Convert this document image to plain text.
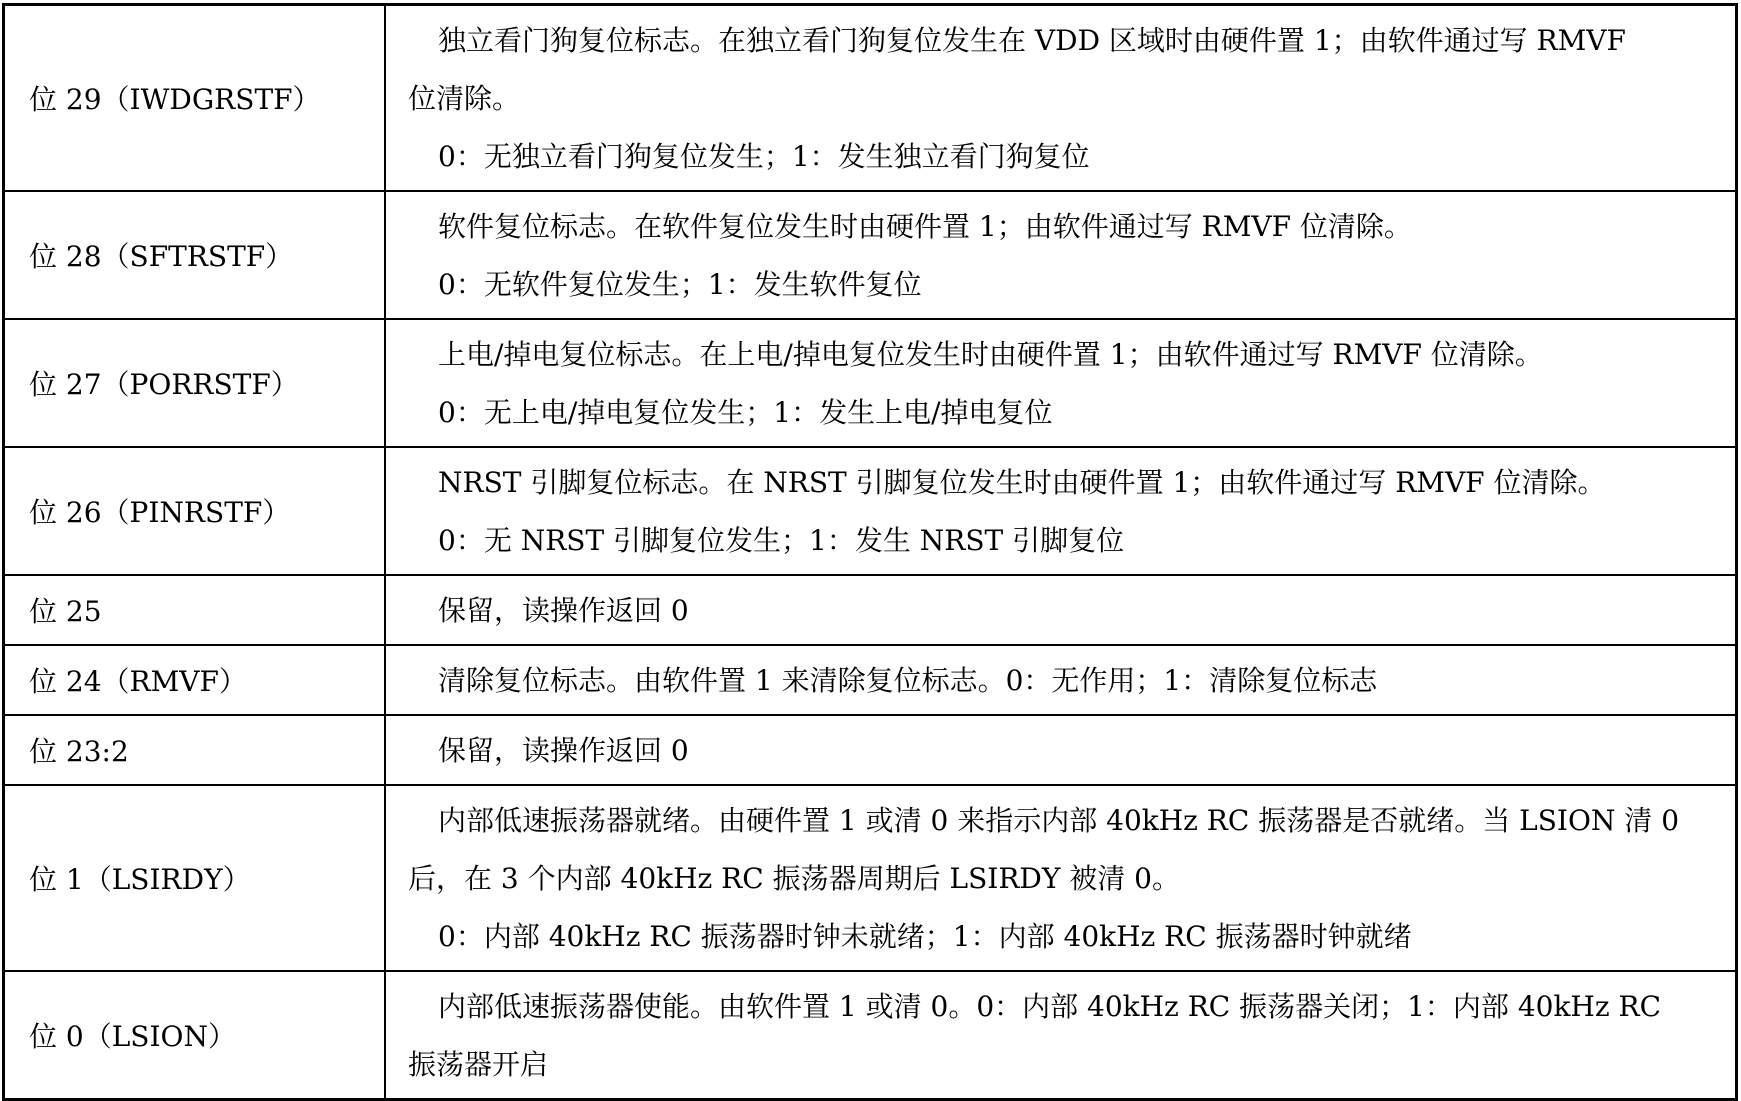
位 29（IWDGRSTF）	独立看门狗复位标志。在独立看门狗复位发生在 VDD 区域时由硬件置 1；由软件通过写 RMVF
位清除。
0：无独立看门狗复位发生；1：发生独立看门狗复位

位 28（SFTRSTF）	软件复位标志。在软件复位发生时由硬件置 1；由软件通过写 RMVF 位清除。
0：无软件复位发生；1：发生软件复位

位 27（PORRSTF）	上电/掉电复位标志。在上电/掉电复位发生时由硬件置 1；由软件通过写 RMVF 位清除。
0：无上电/掉电复位发生；1：发生上电/掉电复位

位 26（PINRSTF）	NRST 引脚复位标志。在 NRST 引脚复位发生时由硬件置 1；由软件通过写 RMVF 位清除。
0：无 NRST 引脚复位发生；1：发生 NRST 引脚复位

位 25	保留，读操作返回 0

位 24（RMVF）	清除复位标志。由软件置 1 来清除复位标志。0：无作用；1：清除复位标志

位 23:2	保留，读操作返回 0

位 1（LSIRDY）	内部低速振荡器就绪。由硬件置 1 或清 0 来指示内部 40kHz RC 振荡器是否就绪。当 LSION 清 0
后，在 3 个内部 40kHz RC 振荡器周期后 LSIRDY 被清 0。
0：内部 40kHz RC 振荡器时钟未就绪；1：内部 40kHz RC 振荡器时钟就绪

位 0（LSION）	内部低速振荡器使能。由软件置 1 或清 0。0：内部 40kHz RC 振荡器关闭；1：内部 40kHz RC
振荡器开启
